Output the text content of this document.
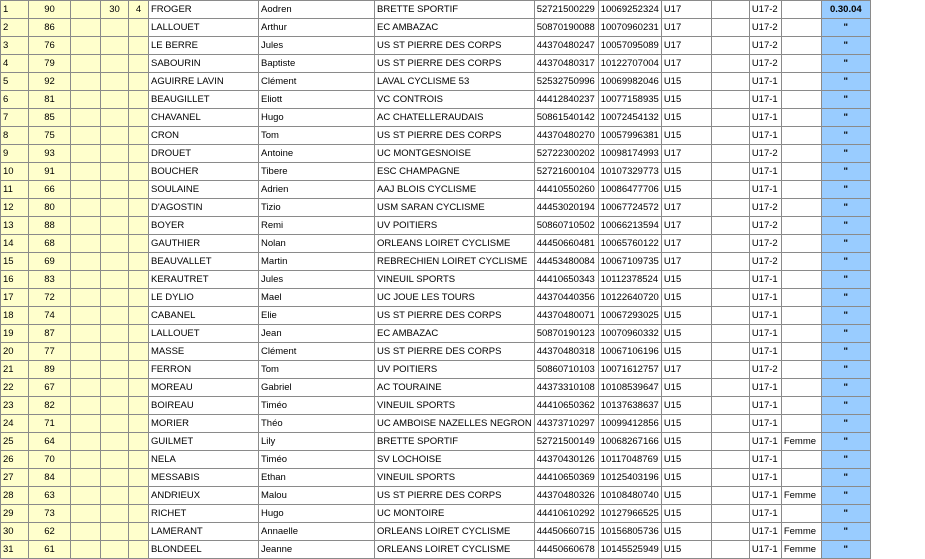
1	90		30	4	FROGER	Aodren	BRETTE SPORTIF	52721500229	10069252324	U17		U17-2		0.30.04
2	86				LALLOUET	Arthur	EC AMBAZAC	50870190088	10070960231	U17		U17-2		"
3	76				LE BERRE	Jules	US ST PIERRE DES CORPS	44370480247	10057095089	U17		U17-2		"
4	79				SABOURIN	Baptiste	US ST PIERRE DES CORPS	44370480317	10122707004	U17		U17-2		"
5	92				AGUIRRE LAVIN	Clément	LAVAL CYCLISME 53	52532750996	10069982046	U15		U17-1		"
6	81				BEAUGILLET	Eliott	VC CONTROIS	44412840237	10077158935	U15		U17-1		"
7	85				CHAVANEL	Hugo	AC CHATELLERAUDAIS	50861540142	10072454132	U15		U17-1		"
8	75				CRON	Tom	US ST PIERRE DES CORPS	44370480270	10057996381	U15		U17-1		"
9	93				DROUET	Antoine	UC MONTGESNOISE	52722300202	10098174993	U17		U17-2		"
10	91				BOUCHER	Tibere	ESC CHAMPAGNE	52721600104	10107329773	U15		U17-1		"
11	66				SOULAINE	Adrien	AAJ BLOIS CYCLISME	44410550260	10086477706	U15		U17-1		"
12	80				D'AGOSTIN	Tizio	USM SARAN CYCLISME	44453020194	10067724572	U17		U17-2		"
13	88				BOYER	Remi	UV POITIERS	50860710502	10066213594	U17		U17-2		"
14	68				GAUTHIER	Nolan	ORLEANS LOIRET CYCLISME	44450660481	10065760122	U17		U17-2		"
15	69				BEAUVALLET	Martin	REBRECHIEN LOIRET CYCLISME	44453480084	10067109735	U17		U17-2		"
16	83				KERAUTRET	Jules	VINEUIL SPORTS	44410650343	10112378524	U15		U17-1		"
17	72				LE DYLIO	Mael	UC JOUE LES TOURS	44370440356	10122640720	U15		U17-1		"
18	74				CABANEL	Elie	US ST PIERRE DES CORPS	44370480071	10067293025	U15		U17-1		"
19	87				LALLOUET	Jean	EC AMBAZAC	50870190123	10070960332	U15		U17-1		"
20	77				MASSE	Clément	US ST PIERRE DES CORPS	44370480318	10067106196	U15		U17-1		"
21	89				FERRON	Tom	UV POITIERS	50860710103	10071612757	U17		U17-2		"
22	67				MOREAU	Gabriel	AC TOURAINE	44373310108	10108539647	U15		U17-1		"
23	82				BOIREAU	Timéo	VINEUIL SPORTS	44410650362	10137638637	U15		U17-1		"
24	71				MORIER	Théo	UC AMBOISE NAZELLES NEGRON	44373710297	10099412856	U15		U17-1		"
25	64				GUILMET	Lily	BRETTE SPORTIF	52721500149	10068267166	U15		U17-1	Femme	"
26	70				NELA	Timéo	SV LOCHOISE	44370430126	10117048769	U15		U17-1		"
27	84				MESSABIS	Ethan	VINEUIL SPORTS	44410650369	10125403196	U15		U17-1		"
28	63				ANDRIEUX	Malou	US ST PIERRE DES CORPS	44370480326	10108480740	U15		U17-1	Femme	"
29	73				RICHET	Hugo	UC MONTOIRE	44410610292	10127966525	U15		U17-1		"
30	62				LAMERANT	Annaelle	ORLEANS LOIRET CYCLISME	44450660715	10156805736	U15		U17-1	Femme	"
31	61				BLONDEEL	Jeanne	ORLEANS LOIRET CYCLISME	44450660678	10145525949	U15		U17-1	Femme	"
